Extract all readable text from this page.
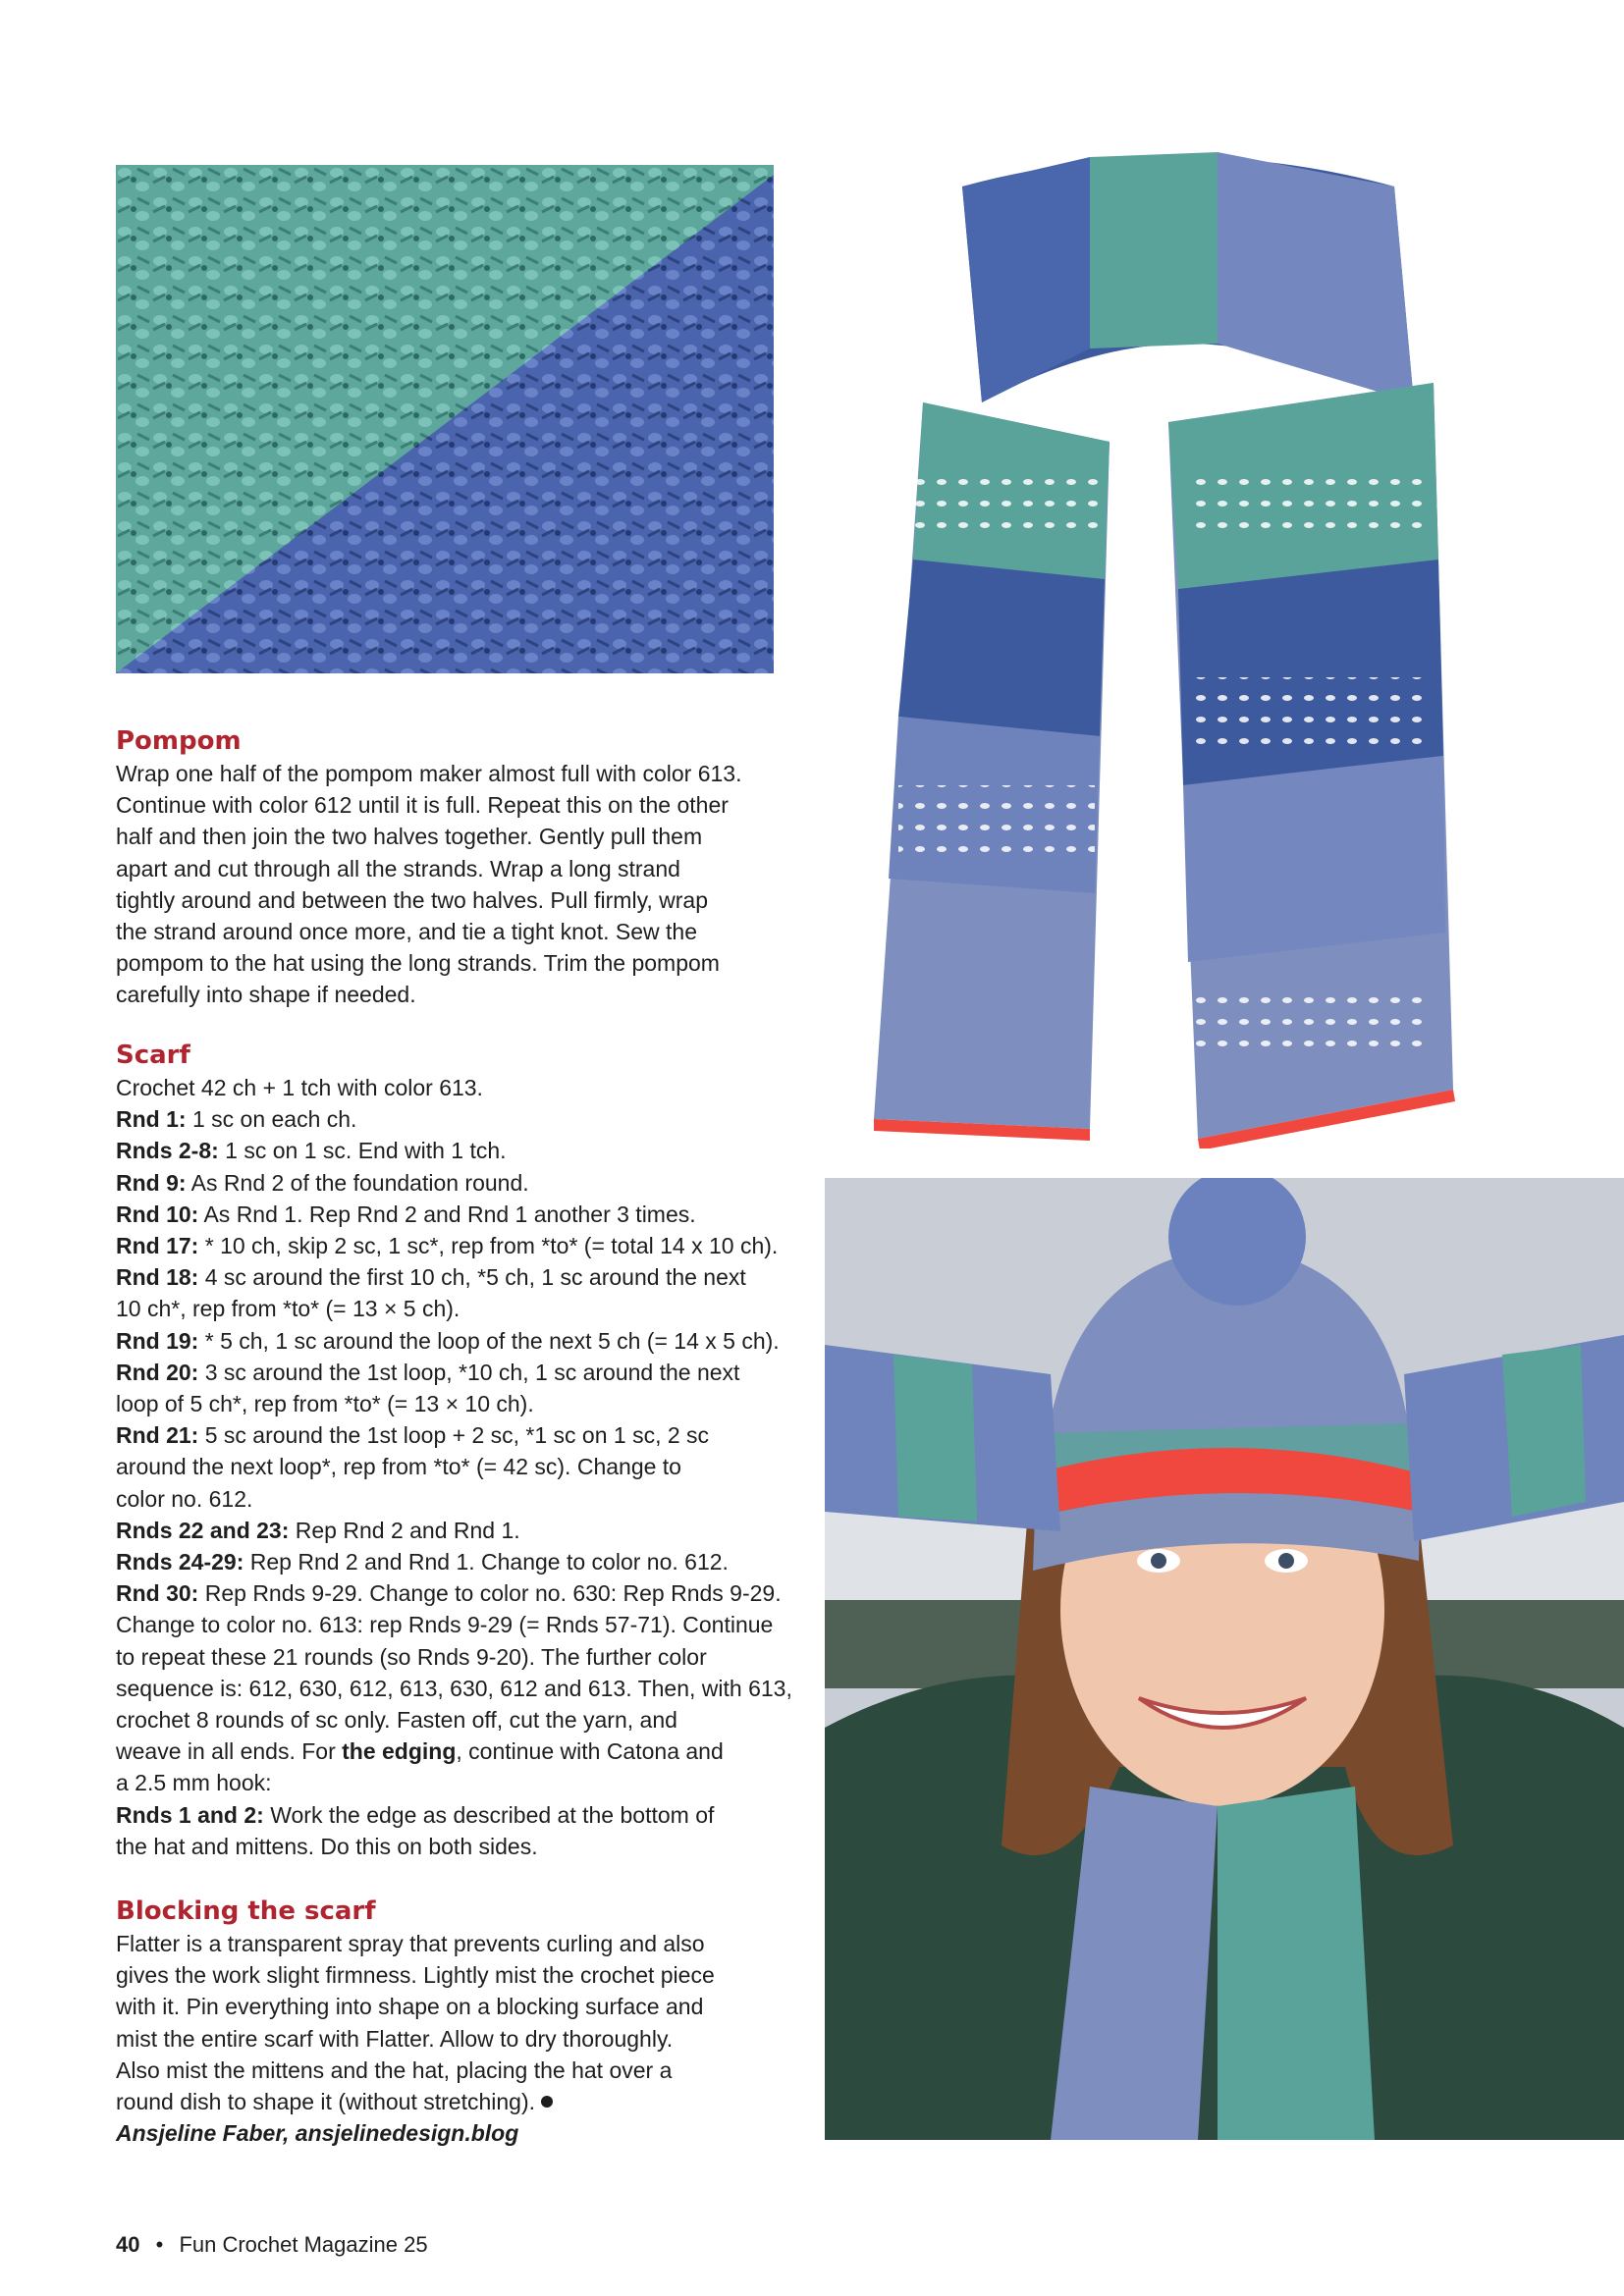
Pompom
Wrap one half of the pompom maker almost full with color 613.
Continue with color 612 until it is full. Repeat this on the other
half and then join the two halves together. Gently pull them
apart and cut through all the strands. Wrap a long strand
tightly around and between the two halves. Pull firmly, wrap
the strand around once more, and tie a tight knot. Sew the
pompom to the hat using the long strands. Trim the pompom
carefully into shape if needed.
Scarf
Crochet 42 ch + 1 tch with color 613.
Rnd 1: 1 sc on each ch.
Rnds 2-8: 1 sc on 1 sc. End with 1 tch.
Rnd 9: As Rnd 2 of the foundation round.
Rnd 10: As Rnd 1. Rep Rnd 2 and Rnd 1 another 3 times.
Rnd 17: * 10 ch, skip 2 sc, 1 sc*, rep from *to* (= total 14 x 10 ch).
Rnd 18: 4 sc around the first 10 ch, *5 ch, 1 sc around the next
10 ch*, rep from *to* (= 13 × 5 ch).
Rnd 19: * 5 ch, 1 sc around the loop of the next 5 ch (= 14 x 5 ch).
Rnd 20: 3 sc around the 1st loop, *10 ch, 1 sc around the next
loop of 5 ch*, rep from *to* (= 13 × 10 ch).
Rnd 21: 5 sc around the 1st loop + 2 sc, *1 sc on 1 sc, 2 sc
around the next loop*, rep from *to* (= 42 sc). Change to
color no. 612.
Rnds 22 and 23: Rep Rnd 2 and Rnd 1.
Rnds 24-29: Rep Rnd 2 and Rnd 1. Change to color no. 612.
Rnd 30: Rep Rnds 9-29. Change to color no. 630: Rep Rnds 9-29.
Change to color no. 613: rep Rnds 9-29 (= Rnds 57-71). Continue
to repeat these 21 rounds (so Rnds 9-20). The further color
sequence is: 612, 630, 612, 613, 630, 612 and 613. Then, with 613,
crochet 8 rounds of sc only. Fasten off, cut the yarn, and
weave in all ends. For the edging, continue with Catona and
a 2.5 mm hook:
Rnds 1 and 2: Work the edge as described at the bottom of
the hat and mittens. Do this on both sides.
Blocking the scarf
Flatter is a transparent spray that prevents curling and also
gives the work slight firmness. Lightly mist the crochet piece
with it. Pin everything into shape on a blocking surface and
mist the entire scarf with Flatter. Allow to dry thoroughly.
Also mist the mittens and the hat, placing the hat over a
round dish to shape it (without stretching).
Ansjeline Faber, ansjelinedesign.blog
40 • Fun Crochet Magazine 25
